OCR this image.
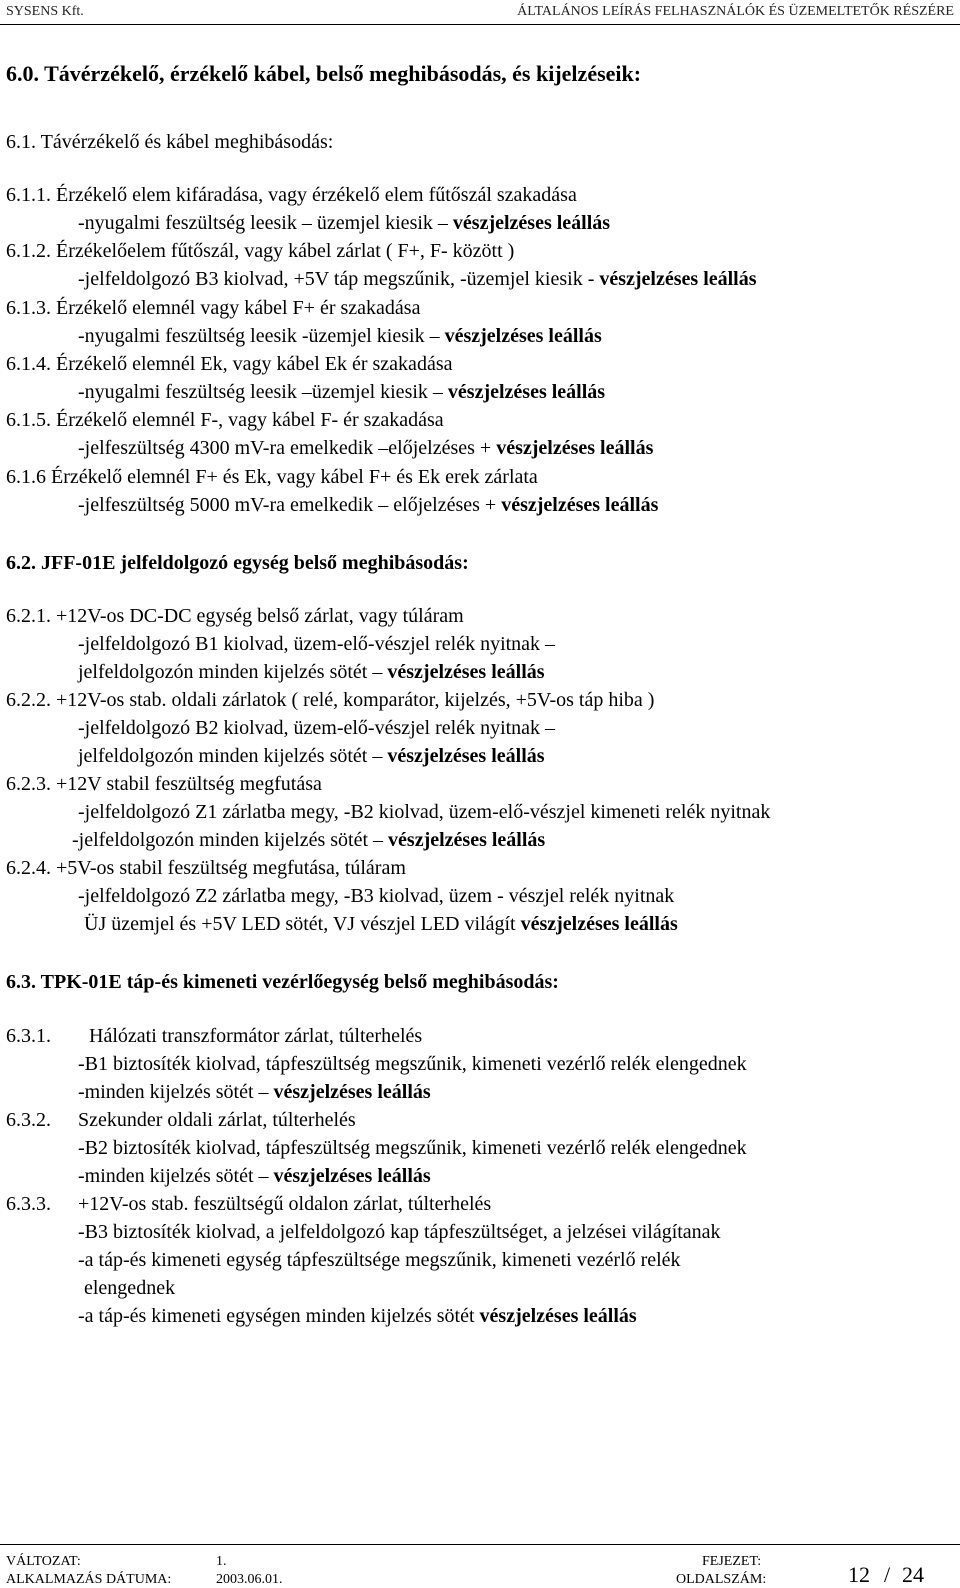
SYSENS Kft.	ÁLTALÁNOS LEÍRÁS FELHASZNÁLÓK ÉS ÜZEMELTETŐK RÉSZÉRE
6.0. Távérzékelő, érzékelő kábel, belső meghibásodás, és kijelzéseik:
6.1. Távérzékelő és kábel meghibásodás:
6.1.1. Érzékelő elem kifáradása, vagy érzékelő elem fűtőszál szakadása
-nyugalmi feszültség leesik – üzemjel kiesik – vészjelzéses leállás
6.1.2. Érzékelőelem fűtőszál, vagy kábel zárlat ( F+, F- között )
-jelfeldolgozó B3 kiolvad, +5V táp megszűnik, -üzemjel kiesik - vészjelzéses leállás
6.1.3. Érzékelő elemnél vagy kábel F+ ér szakadása
-nyugalmi feszültség leesik -üzemjel kiesik – vészjelzéses leállás
6.1.4. Érzékelő elemnél Ek, vagy kábel Ek ér szakadása
-nyugalmi feszültség leesik –üzemjel kiesik – vészjelzéses leállás
6.1.5. Érzékelő elemnél F-, vagy kábel F- ér szakadása
-jelfeszültség 4300 mV-ra emelkedik –előjelzéses + vészjelzéses leállás
6.1.6 Érzékelő elemnél F+ és Ek, vagy kábel F+ és Ek erek zárlata
-jelfeszültség 5000 mV-ra emelkedik – előjelzéses + vészjelzéses leállás
6.2. JFF-01E jelfeldolgozó egység belső meghibásodás:
6.2.1. +12V-os DC-DC egység belső zárlat, vagy túláram
-jelfeldolgozó B1 kiolvad, üzem-elő-vészjel relék nyitnak –
jelfeldolgozón minden kijelzés sötét – vészjelzéses leállás
6.2.2. +12V-os stab. oldali zárlatok ( relé, komparátor, kijelzés, +5V-os táp hiba )
-jelfeldolgozó B2 kiolvad, üzem-elő-vészjel relék nyitnak –
jelfeldolgozón minden kijelzés sötét – vészjelzéses leállás
6.2.3. +12V stabil feszültség megfutása
-jelfeldolgozó Z1 zárlatba megy, -B2 kiolvad, üzem-elő-vészjel kimeneti relék nyitnak
-jelfeldolgozón minden kijelzés sötét – vészjelzéses leállás
6.2.4. +5V-os stabil feszültség megfutása, túláram
-jelfeldolgozó Z2 zárlatba megy, -B3 kiolvad, üzem - vészjel relék nyitnak
ÜJ üzemjel és +5V LED sötét, VJ vészjel LED világít vészjelzéses leállás
6.3. TPK-01E táp-és kimeneti vezérlőegység belső meghibásodás:
6.3.1. Hálózati transzformátor zárlat, túlterhelés
-B1 biztosíték kiolvad, tápfeszültség megszűnik, kimeneti vezérlő relék elengednek
-minden kijelzés sötét – vészjelzéses leállás
6.3.2. Szekunder oldali zárlat, túlterhelés
-B2 biztosíték kiolvad, tápfeszültség megszűnik, kimeneti vezérlő relék elengednek
-minden kijelzés sötét – vészjelzéses leállás
6.3.3. +12V-os stab. feszültségű oldalon zárlat, túlterhelés
-B3 biztosíték kiolvad, a jelfeldolgozó kap tápfeszültséget, a jelzései világítanak
-a táp-és kimeneti egység tápfeszültsége megszűnik, kimeneti vezérlő relék
elengednek
-a táp-és kimeneti egységen minden kijelzés sötét vészjelzéses leállás
VÁLTOZAT:	1.	FEJEZET:
ALKALMAZÁS DÁTUMA:	2003.06.01.	OLDALSZÁM:	12 / 24
